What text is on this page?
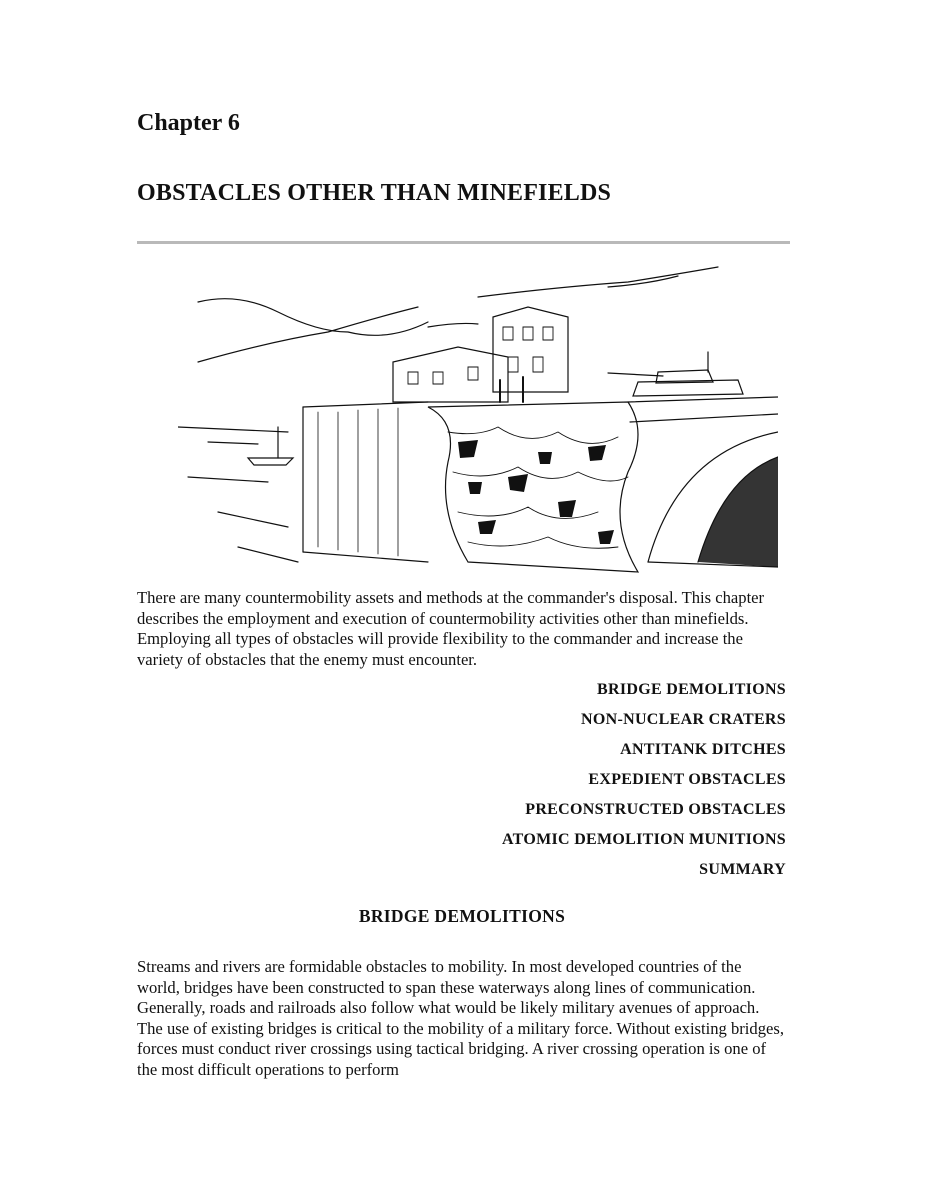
Chapter 6
OBSTACLES OTHER THAN MINEFIELDS

There are many countermobility assets and methods at the commander's disposal. This chapter describes the employment and execution of countermobility activities other than minefields. Employing all types of obstacles will provide flexibility to the commander and increase the variety of obstacles that the enemy must encounter.

BRIDGE DEMOLITIONS
NON-NUCLEAR CRATERS
ANTITANK DITCHES
EXPEDIENT OBSTACLES
PRECONSTRUCTED OBSTACLES
ATOMIC DEMOLITION MUNITIONS
SUMMARY
BRIDGE DEMOLITIONS

Streams and rivers are formidable obstacles to mobility. In most developed countries of the world, bridges have been constructed to span these waterways along lines of communication. Generally, roads and railroads also follow what would be likely military avenues of approach. The use of existing bridges is critical to the mobility of a military force. Without existing bridges, forces must conduct river crossings using tactical bridging. A river crossing operation is one of the most difficult operations to perform
